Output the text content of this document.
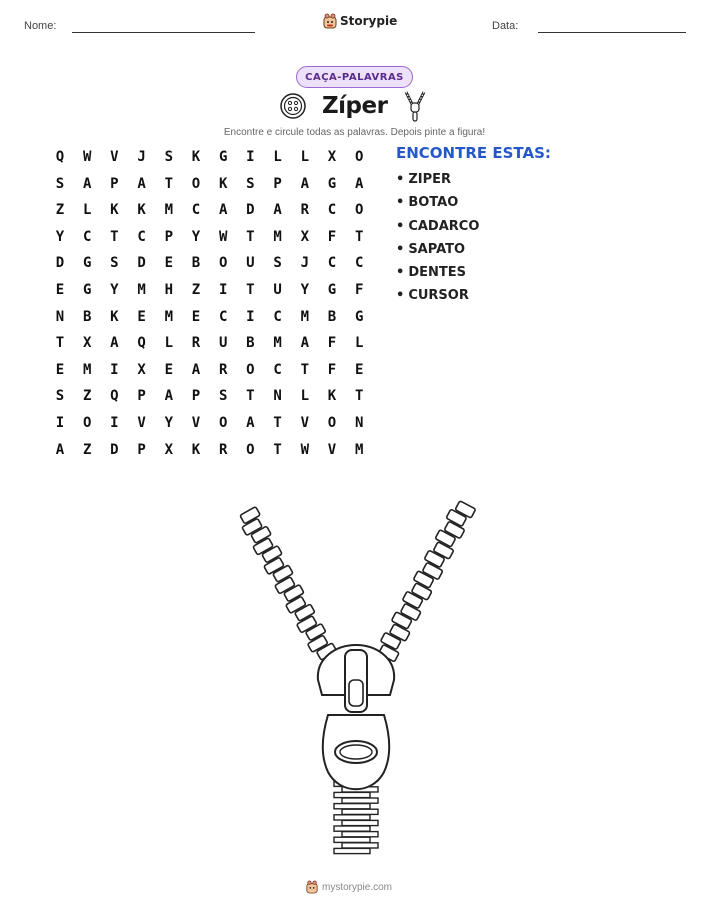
Nome:	Storypie	Data:
CAÇA-PALAVRAS
Zíper
Encontre e circule todas as palavras. Depois pinte a figura!
Q	W	V	J	S	K	G	I	L	L	X	O
S	A	P	A	T	O	K	S	P	A	G	A
Z	L	K	K	M	C	A	D	A	R	C	O
Y	C	T	C	P	Y	W	T	M	X	F	T
D	G	S	D	E	B	O	U	S	J	C	C
E	G	Y	M	H	Z	I	T	U	Y	G	F
N	B	K	E	M	E	C	I	C	M	B	G
T	X	A	Q	L	R	U	B	M	A	F	L
E	M	I	X	E	A	R	O	C	T	F	E
S	Z	Q	P	A	P	S	T	N	L	K	T
I	O	I	V	Y	V	O	A	T	V	O	N
A	Z	D	P	X	K	R	O	T	W	V	M
ENCONTRE ESTAS:
• ZIPER
• BOTAO
• CADARCO
• SAPATO
• DENTES
• CURSOR
mystorypie.com
